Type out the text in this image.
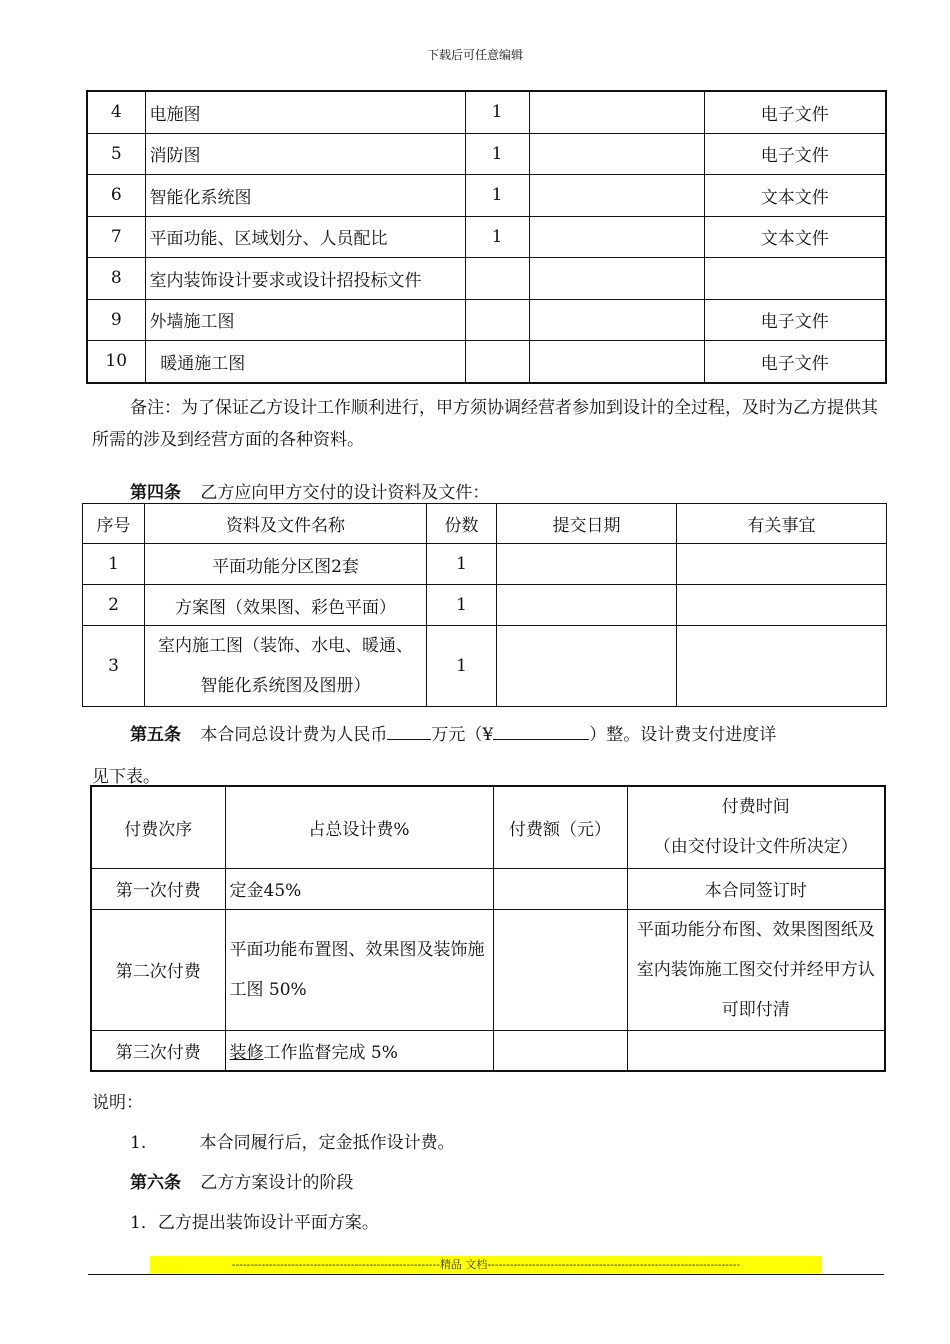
下载后可任意编辑
4	电施图	1		电子文件
5	消防图	1		电子文件
6	智能化系统图	1		文本文件
7	平面功能、区域划分、人员配比	1		文本文件
8	室内装饰设计要求或设计招投标文件			
9	外墙施工图			电子文件
10	暖通施工图			电子文件
备注：为了保证乙方设计工作顺利进行，甲方须协调经营者参加到设计的全过程，及时为乙方提供其所需的涉及到经营方面的各种资料。
第四条 乙方应向甲方交付的设计资料及文件：
序号	资料及文件名称	份数	提交日期	有关事宜
1	平面功能分区图2套	1		
2	方案图（效果图、彩色平面）	1		
3	室内施工图（装饰、水电、暖通、智能化系统图及图册）	1		
第五条 本合同总设计费为人民币	万元（¥	）整。设计费支付进度详
见下表。
付费次序	占总设计费%	付费额（元）	付费时间
（由交付设计文件所决定）

第一次付费	定金45%		本合同签订时
第二次付费	平面功能布置图、效果图及装饰施工图 50%		平面功能分布图、效果图图纸及室内装饰施工图交付并经甲方认可即付清
第三次付费	装修工作监督完成 5%		
说明：
1.	本合同履行后，定金抵作设计费。
第六条 乙方方案设计的阶段
1．乙方提出装饰设计平面方案。
--------------------------------------------------------精品 文档--------------------------------------------------------------------
